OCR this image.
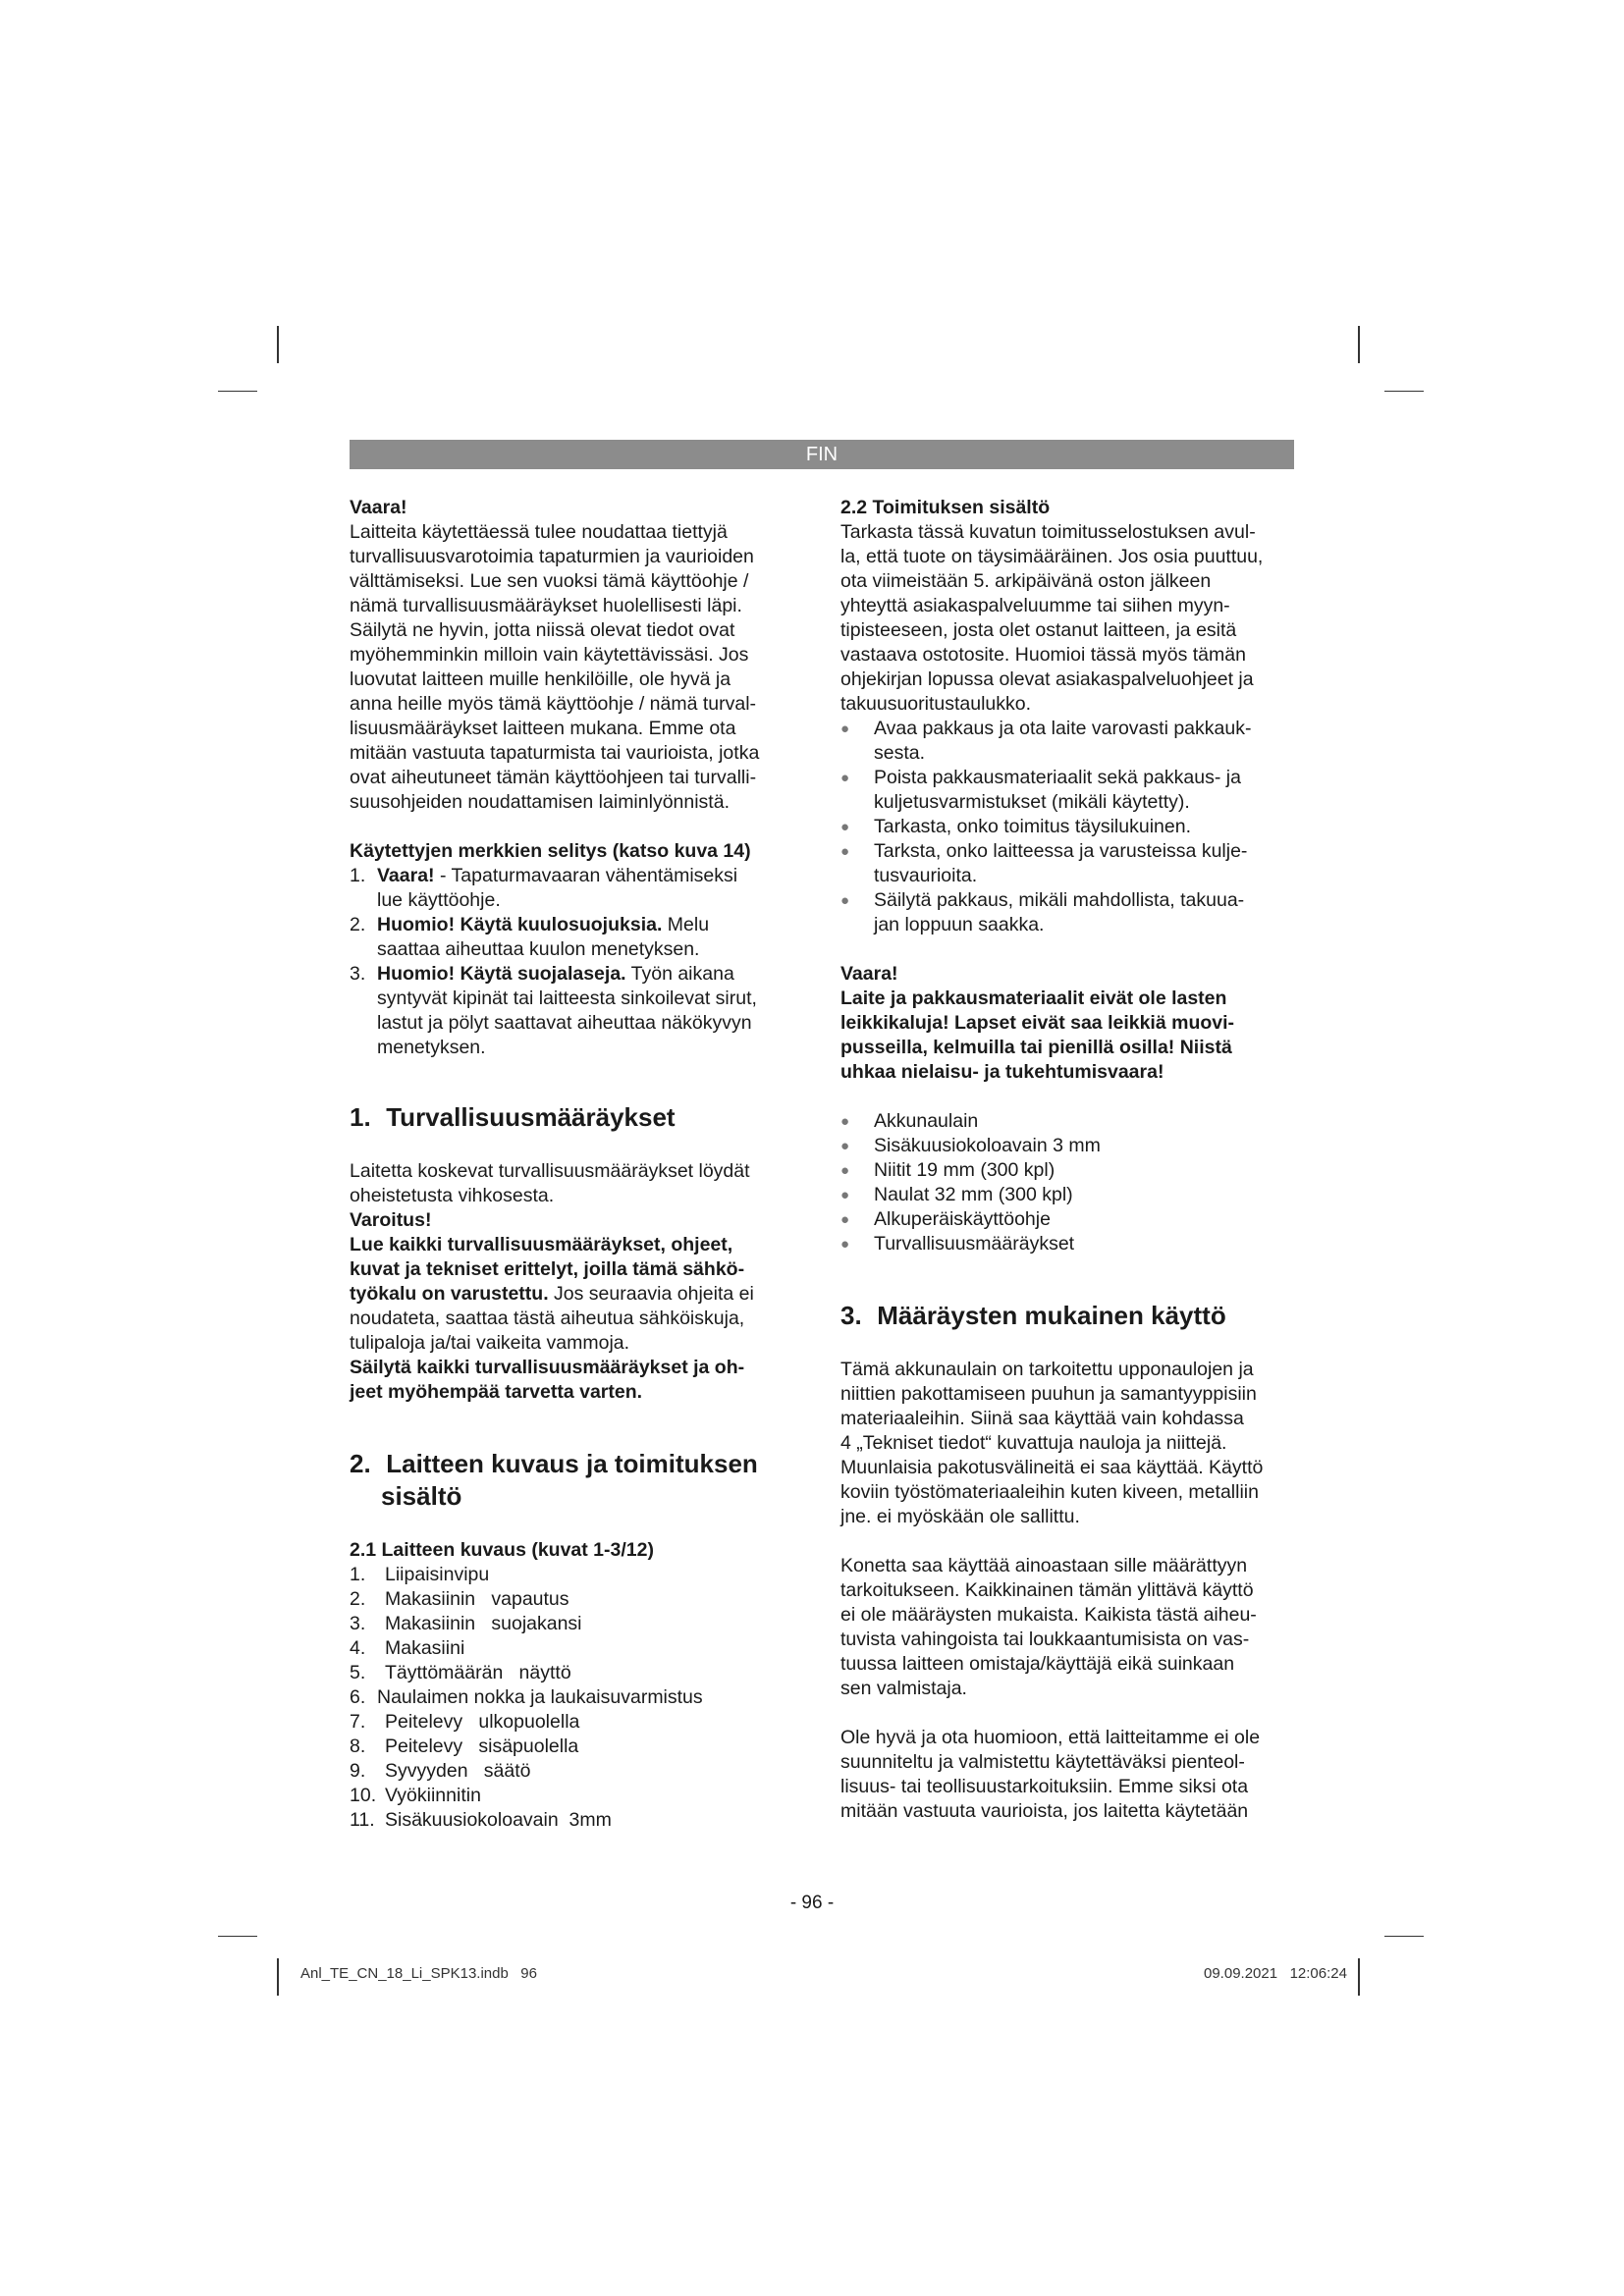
FIN

Vaara!

Laitteita käytettäessä tulee noudattaa tiettyjä

turvallisuusvarotoimia tapaturmien ja vaurioiden

välttämiseksi. Lue sen vuoksi tämä käyttöohje /

nämä turvallisuusmääräykset huolellisesti läpi.

Säilytä ne hyvin, jotta niissä olevat tiedot ovat

myöhemminkin milloin vain käytettävissäsi. Jos

luovutat laitteen muille henkilöille, ole hyvä ja

anna heille myös tämä käyttöohje / nämä turval-

lisuusmääräykset laitteen mukana. Emme ota

mitään vastuuta tapaturmista tai vaurioista, jotka

ovat aiheutuneet tämän käyttöohjeen tai turvalli-

suusohjeiden noudattamisen laiminlyönnistä.

Käytettyjen merkkien selitys (katso kuva 14)

1. Vaara! - Tapaturmavaaran vähentämiseksi
lue käyttöohje.
2. Huomio! Käytä kuulosuojuksia. Melu
saattaa aiheuttaa kuulon menetyksen.
3. Huomio! Käytä suojalaseja. Työn aikana
syntyvät kipinät tai laitteesta sinkoilevat sirut,
lastut ja pölyt saattavat aiheuttaa näkökyvyn
menetyksen.
1. Turvallisuusmääräykset

Laitetta koskevat turvallisuusmääräykset löydät

oheistetusta vihkosesta.

Varoitus!

Lue kaikki turvallisuusmääräykset, ohjeet,

kuvat ja tekniset erittelyt, joilla tämä sähkö-

työkalu on varustettu. Jos seuraavia ohjeita ei

noudateta, saattaa tästä aiheutua sähköiskuja,

tulipaloja ja/tai vaikeita vammoja.

Säilytä kaikki turvallisuusmääräykset ja oh-

jeet myöhempää tarvetta varten.

2. Laitteen kuvaus ja toimituksen
sisältö

2.1 Laitteen kuvaus (kuvat 1-3/12)

1.	Liipaisinvipu
2.	Makasiinin   vapautus
3.	Makasiinin   suojakansi
4.	Makasiini
5.	Täyttömäärän   näyttö
6. Naulaimen nokka ja laukaisuvarmistus
7.	Peitelevy   ulkopuolella
8.	Peitelevy   sisäpuolella
9.	Syvyyden   säätö
10. Vyökiinnitin
11. Sisäkuusiokoloavain  3mm

2.2 Toimituksen sisältö

Tarkasta tässä kuvatun toimitusselostuksen avul-

la, että tuote on täysimääräinen. Jos osia puuttuu,

ota viimeistään 5. arkipäivänä oston jälkeen

yhteyttä asiakaspalveluumme tai siihen myyn-

tipisteeseen, josta olet ostanut laitteen, ja esitä

vastaava ostotosite. Huomioi tässä myös tämän

ohjekirjan lopussa olevat asiakaspalveluohjeet ja

takuusuoritustaulukko.

●	Avaa pakkaus ja ota laite varovasti pakkauk-
sesta.
●	Poista pakkausmateriaalit sekä pakkaus- ja
kuljetusvarmistukset (mikäli käytetty).
●	Tarkasta, onko toimitus täysilukuinen.
●	Tarksta, onko laitteessa ja varusteissa kulje-
tusvaurioita.
●	Säilytä pakkaus, mikäli mahdollista, takuua-
jan loppuun saakka.

Vaara!

Laite ja pakkausmateriaalit eivät ole lasten

leikkikaluja! Lapset eivät saa leikkiä muovi-

pusseilla, kelmuilla tai pienillä osilla! Niistä

uhkaa nielaisu- ja tukehtumisvaara!

●	Akkunaulain
●	Sisäkuusiokoloavain 3 mm
●	Niitit 19 mm (300 kpl)
●	Naulat 32 mm (300 kpl)
●	Alkuperäiskäyttöohje
●	Turvallisuusmääräykset
3. Määräysten mukainen käyttö

Tämä akkunaulain on tarkoitettu upponaulojen ja

niittien pakottamiseen puuhun ja samantyyppisiin

materiaaleihin. Siinä saa käyttää vain kohdassa

4 „Tekniset tiedot“ kuvattuja nauloja ja niittejä.

Muunlaisia pakotusvälineitä ei saa käyttää. Käyttö

koviin työstömateriaaleihin kuten kiveen, metalliin

jne. ei myöskään ole sallittu.

Konetta saa käyttää ainoastaan sille määrättyyn

tarkoitukseen. Kaikkinainen tämän ylittävä käyttö

ei ole määräysten mukaista. Kaikista tästä aiheu-

tuvista vahingoista tai loukkaantumisista on vas-

tuussa laitteen omistaja/käyttäjä eikä suinkaan

sen valmistaja.

Ole hyvä ja ota huomioon, että laitteitamme ei ole

suunniteltu ja valmistettu käytettäväksi pienteol-

lisuus- tai teollisuustarkoituksiin. Emme siksi ota

mitään vastuuta vaurioista, jos laitetta käytetään

- 96 -
Anl_TE_CN_18_Li_SPK13.indb   96	09.09.2021   12:06:24
